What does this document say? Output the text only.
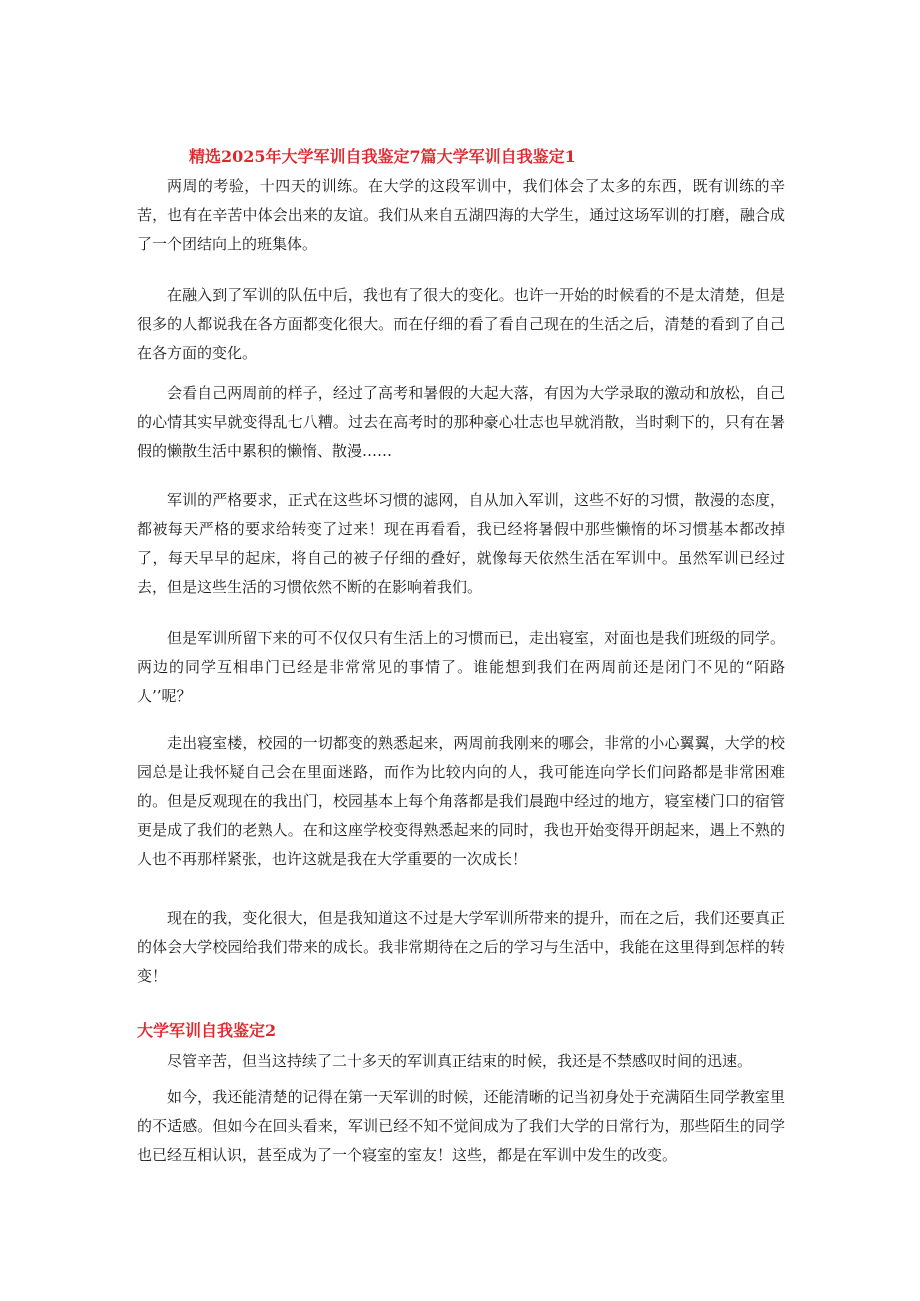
精选2025年大学军训自我鉴定7篇大学军训自我鉴定1

两周的考验，十四天的训练。在大学的这段军训中，我们体会了太多的东西，既有训练的辛苦，也有在辛苦中体会出来的友谊。我们从来自五湖四海的大学生，通过这场军训的打磨，融合成了一个团结向上的班集体。

在融入到了军训的队伍中后，我也有了很大的变化。也许一开始的时候看的不是太清楚，但是很多的人都说我在各方面都变化很大。而在仔细的看了看自己现在的生活之后，清楚的看到了自己在各方面的变化。

会看自己两周前的样子，经过了高考和暑假的大起大落，有因为大学录取的激动和放松，自己的心情其实早就变得乱七八糟。过去在高考时的那种豪心壮志也早就消散，当时剩下的，只有在暑假的懒散生活中累积的懒惰、散漫……

军训的严格要求，正式在这些坏习惯的滤网，自从加入军训，这些不好的习惯，散漫的态度，都被每天严格的要求给转变了过来！现在再看看，我已经将暑假中那些懒惰的坏习惯基本都改掉了，每天早早的起床，将自己的被子仔细的叠好，就像每天依然生活在军训中。虽然军训已经过去，但是这些生活的习惯依然不断的在影响着我们。

但是军训所留下来的可不仅仅只有生活上的习惯而已，走出寝室，对面也是我们班级的同学。两边的同学互相串门已经是非常常见的事情了。谁能想到我们在两周前还是闭门不见的“陌路人’’呢？

走出寝室楼，校园的一切都变的熟悉起来，两周前我刚来的哪会，非常的小心翼翼，大学的校园总是让我怀疑自己会在里面迷路，而作为比较内向的人，我可能连向学长们问路都是非常困难的。但是反观现在的我出门，校园基本上每个角落都是我们晨跑中经过的地方，寝室楼门口的宿管更是成了我们的老熟人。在和这座学校变得熟悉起来的同时，我也开始变得开朗起来，遇上不熟的人也不再那样紧张，也许这就是我在大学重要的一次成长！

现在的我，变化很大，但是我知道这不过是大学军训所带来的提升，而在之后，我们还要真正的体会大学校园给我们带来的成长。我非常期待在之后的学习与生活中，我能在这里得到怎样的转变！

大学军训自我鉴定2

尽管辛苦，但当这持续了二十多天的军训真正结束的时候，我还是不禁感叹时间的迅速。

如今，我还能清楚的记得在第一天军训的时候，还能清晰的记当初身处于充满陌生同学教室里的不适感。但如今在回头看来，军训已经不知不觉间成为了我们大学的日常行为，那些陌生的同学也已经互相认识，甚至成为了一个寝室的室友！这些，都是在军训中发生的改变。
